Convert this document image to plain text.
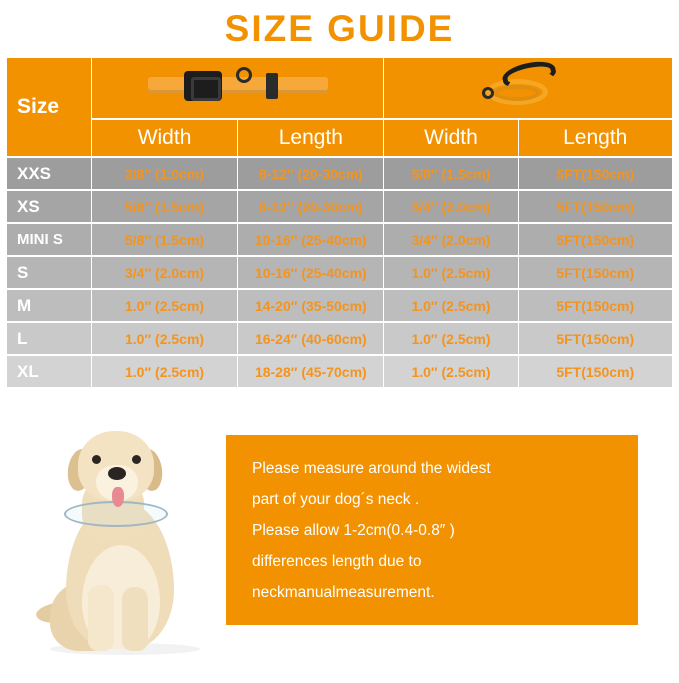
SIZE GUIDE
Size			

	Width	Length	Width	Length
XXS	3/8″ (1.0cm)	8-12″ (20-30cm)	5/8″ (1.5cm)	5FT(150cm)
XS	5/8″ (1.5cm)	8-12″ (20-30cm)	3/4″ (2.0cm)	5FT(150cm)
MINI S	5/8″ (1.5cm)	10-16″ (25-40cm)	3/4″ (2.0cm)	5FT(150cm)
S	3/4″ (2.0cm)	10-16″ (25-40cm)	1.0″ (2.5cm)	5FT(150cm)
M	1.0″ (2.5cm)	14-20″ (35-50cm)	1.0″ (2.5cm)	5FT(150cm)
L	1.0″ (2.5cm)	16-24″ (40-60cm)	1.0″ (2.5cm)	5FT(150cm)
XL	1.0″ (2.5cm)	18-28″ (45-70cm)	1.0″ (2.5cm)	5FT(150cm)
Please measure around the widest
part of your dog´s neck .
Please allow 1-2cm(0.4-0.8″ )
differences length due to
neckmanualmeasurement.
